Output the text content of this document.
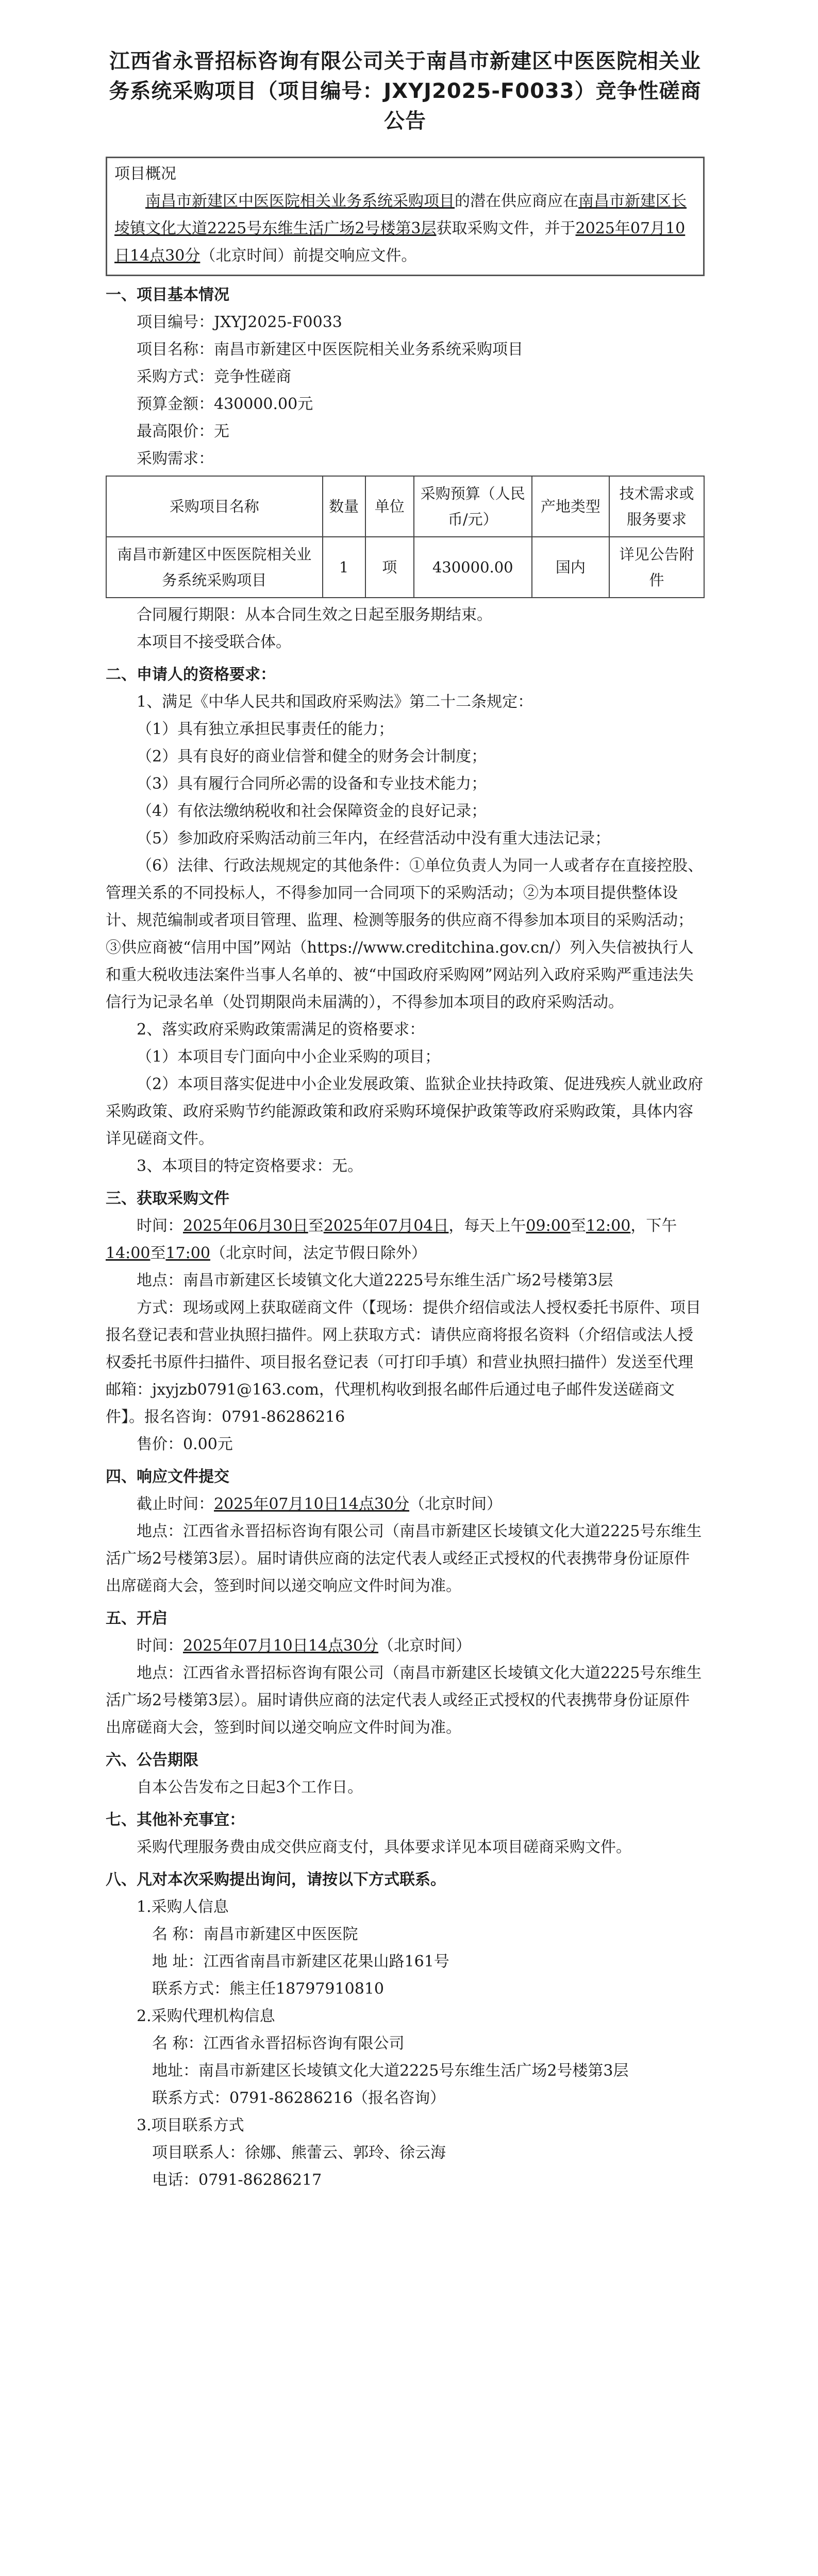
江西省永晋招标咨询有限公司关于南昌市新建区中医医院相关业务系统采购项目（项目编号：JXYJ2025-F0033）竞争性磋商公告
项目概况

南昌市新建区中医医院相关业务系统采购项目的潜在供应商应在南昌市新建区长堎镇文化大道2225号东维生活广场2号楼第3层获取采购文件，并于2025年07月10日14点30分（北京时间）前提交响应文件。

一、项目基本情况

项目编号：JXYJ2025-F0033

项目名称：南昌市新建区中医医院相关业务系统采购项目

采购方式：竞争性磋商

预算金额：430000.00元

最高限价：无

采购需求：

采购项目名称	数量	单位	采购预算（人民币/元）	产地类型	技术需求或服务要求
南昌市新建区中医医院相关业务系统采购项目	1	项	430000.00	国内	详见公告附件

合同履行期限：从本合同生效之日起至服务期结束。

本项目不接受联合体。

二、申请人的资格要求：

1、满足《中华人民共和国政府采购法》第二十二条规定：

（1）具有独立承担民事责任的能力；

（2）具有良好的商业信誉和健全的财务会计制度；

（3）具有履行合同所必需的设备和专业技术能力；

（4）有依法缴纳税收和社会保障资金的良好记录；

（5）参加政府采购活动前三年内，在经营活动中没有重大违法记录；

（6）法律、行政法规规定的其他条件：①单位负责人为同一人或者存在直接控股、管理关系的不同投标人，不得参加同一合同项下的采购活动；②为本项目提供整体设计、规范编制或者项目管理、监理、检测等服务的供应商不得参加本项目的采购活动；③供应商被“信用中国”网站（https://www.creditchina.gov.cn/）列入失信被执行人和重大税收违法案件当事人名单的、被“中国政府采购网”网站列入政府采购严重违法失信行为记录名单（处罚期限尚未届满的），不得参加本项目的政府采购活动。

2、落实政府采购政策需满足的资格要求：

（1）本项目专门面向中小企业采购的项目；

（2）本项目落实促进中小企业发展政策、监狱企业扶持政策、促进残疾人就业政府采购政策、政府采购节约能源政策和政府采购环境保护政策等政府采购政策，具体内容详见磋商文件。

3、本项目的特定资格要求：无。

三、获取采购文件

时间：2025年06月30日至2025年07月04日，每天上午09:00至12:00，下午14:00至17:00（北京时间，法定节假日除外）

地点：南昌市新建区长堎镇文化大道2225号东维生活广场2号楼第3层

方式：现场或网上获取磋商文件（【现场：提供介绍信或法人授权委托书原件、项目报名登记表和营业执照扫描件。网上获取方式：请供应商将报名资料（介绍信或法人授权委托书原件扫描件、项目报名登记表（可打印手填）和营业执照扫描件）发送至代理邮箱：jxyjzb0791@163.com，代理机构收到报名邮件后通过电子邮件发送磋商文件】。报名咨询：0791-86286216

售价：0.00元

四、响应文件提交

截止时间：2025年07月10日14点30分（北京时间）

地点：江西省永晋招标咨询有限公司（南昌市新建区长堎镇文化大道2225号东维生活广场2号楼第3层）。届时请供应商的法定代表人或经正式授权的代表携带身份证原件出席磋商大会，签到时间以递交响应文件时间为准。

五、开启

时间：2025年07月10日14点30分（北京时间）

地点：江西省永晋招标咨询有限公司（南昌市新建区长堎镇文化大道2225号东维生活广场2号楼第3层）。届时请供应商的法定代表人或经正式授权的代表携带身份证原件出席磋商大会，签到时间以递交响应文件时间为准。

六、公告期限

自本公告发布之日起3个工作日。

七、其他补充事宜：

采购代理服务费由成交供应商支付，具体要求详见本项目磋商采购文件。

八、凡对本次采购提出询问，请按以下方式联系。

1.采购人信息

名 称：南昌市新建区中医医院

地 址：江西省南昌市新建区花果山路161号

联系方式：熊主任18797910810

2.采购代理机构信息

名 称：江西省永晋招标咨询有限公司

地址：南昌市新建区长堎镇文化大道2225号东维生活广场2号楼第3层

联系方式：0791-86286216（报名咨询）

3.项目联系方式

项目联系人：徐娜、熊蕾云、郭玲、徐云海

电话：0791-86286217
